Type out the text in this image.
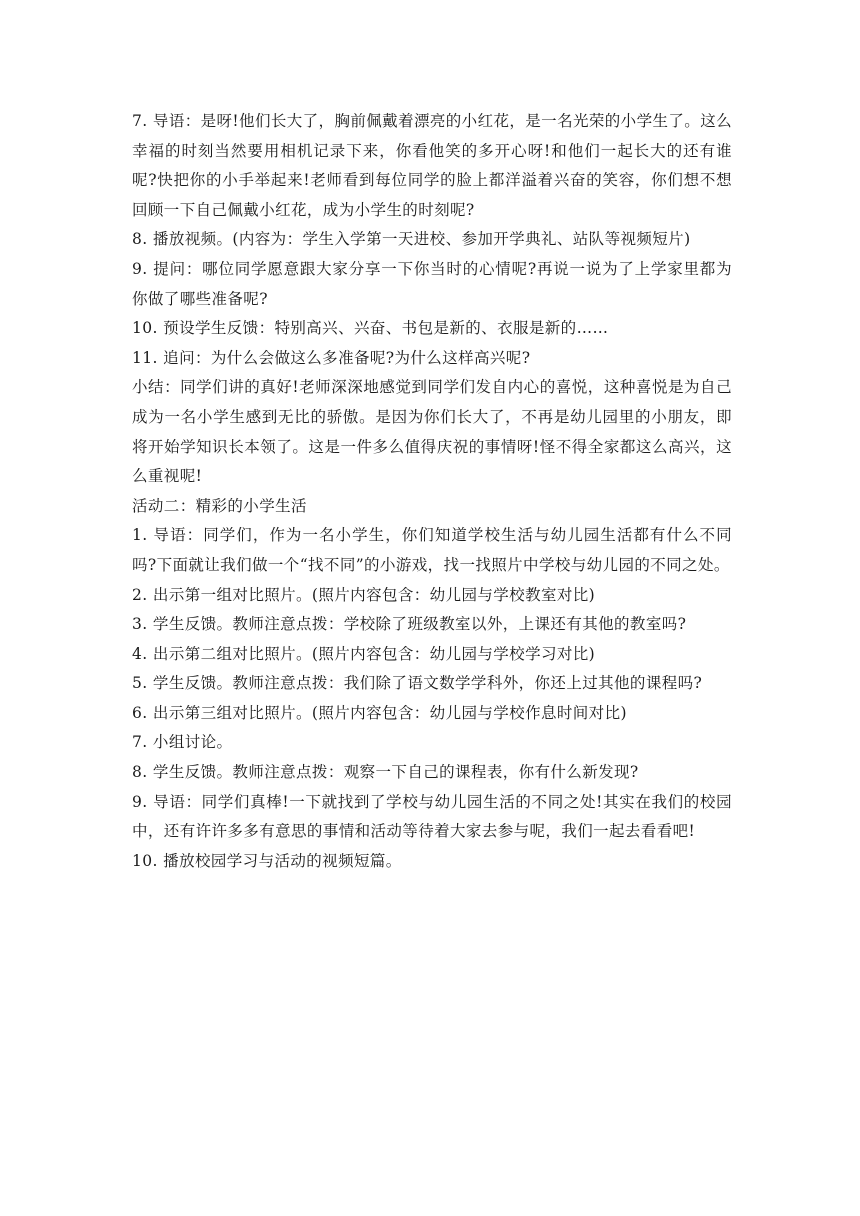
7. 导语：是呀!他们长大了，胸前佩戴着漂亮的小红花，是一名光荣的小学生了。这么幸福的时刻当然要用相机记录下来，你看他笑的多开心呀!和他们一起长大的还有谁呢?快把你的小手举起来!老师看到每位同学的脸上都洋溢着兴奋的笑容，你们想不想回顾一下自己佩戴小红花，成为小学生的时刻呢?

8. 播放视频。(内容为：学生入学第一天进校、参加开学典礼、站队等视频短片)

9. 提问：哪位同学愿意跟大家分享一下你当时的心情呢?再说一说为了上学家里都为你做了哪些准备呢?

10. 预设学生反馈：特别高兴、兴奋、书包是新的、衣服是新的……

11. 追问：为什么会做这么多准备呢?为什么这样高兴呢?

小结：同学们讲的真好!老师深深地感觉到同学们发自内心的喜悦，这种喜悦是为自己成为一名小学生感到无比的骄傲。是因为你们长大了，不再是幼儿园里的小朋友，即将开始学知识长本领了。这是一件多么值得庆祝的事情呀!怪不得全家都这么高兴，这么重视呢!

活动二：精彩的小学生活

1. 导语：同学们，作为一名小学生，你们知道学校生活与幼儿园生活都有什么不同吗?下面就让我们做一个“找不同”的小游戏，找一找照片中学校与幼儿园的不同之处。

2. 出示第一组对比照片。(照片内容包含：幼儿园与学校教室对比)

3. 学生反馈。教师注意点拨：学校除了班级教室以外，上课还有其他的教室吗?

4. 出示第二组对比照片。(照片内容包含：幼儿园与学校学习对比)

5. 学生反馈。教师注意点拨：我们除了语文数学学科外，你还上过其他的课程吗?

6. 出示第三组对比照片。(照片内容包含：幼儿园与学校作息时间对比)

7. 小组讨论。

8. 学生反馈。教师注意点拨：观察一下自己的课程表，你有什么新发现?

9. 导语：同学们真棒!一下就找到了学校与幼儿园生活的不同之处!其实在我们的校园中，还有许许多多有意思的事情和活动等待着大家去参与呢，我们一起去看看吧!

10. 播放校园学习与活动的视频短篇。
